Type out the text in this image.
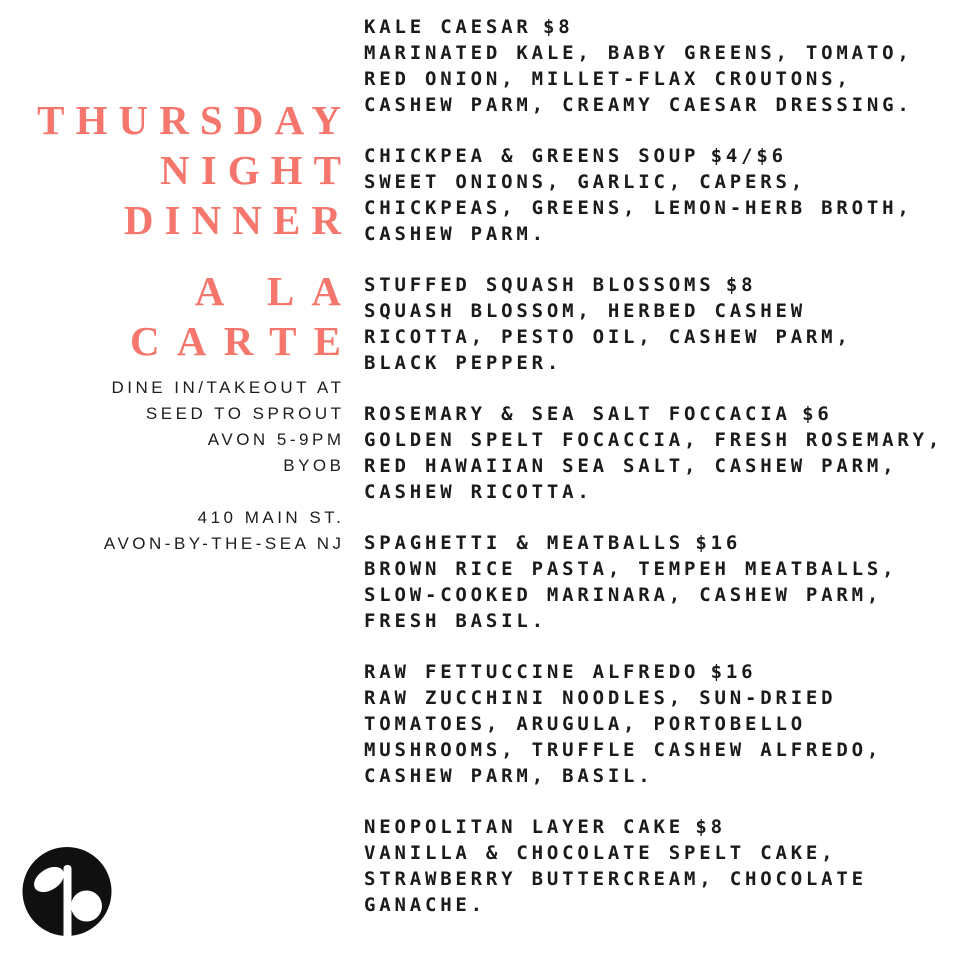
THURSDAY
NIGHT
DINNER
A LA
CARTE
DINE IN/TAKEOUT AT
SEED TO SPROUT
AVON 5-9PM
BYOB
410 MAIN ST.
AVON-BY-THE-SEA NJ
KALE CAESAR $8
MARINATED KALE, BABY GREENS, TOMATO,
RED ONION, MILLET-FLAX CROUTONS,
CASHEW PARM, CREAMY CAESAR DRESSING.
CHICKPEA & GREENS SOUP $4/$6
SWEET ONIONS, GARLIC, CAPERS,
CHICKPEAS, GREENS, LEMON-HERB BROTH,
CASHEW PARM.
STUFFED SQUASH BLOSSOMS $8
SQUASH BLOSSOM, HERBED CASHEW
RICOTTA, PESTO OIL, CASHEW PARM,
BLACK PEPPER.
ROSEMARY & SEA SALT FOCCACIA $6
GOLDEN SPELT FOCACCIA, FRESH ROSEMARY,
RED HAWAIIAN SEA SALT, CASHEW PARM,
CASHEW RICOTTA.
SPAGHETTI & MEATBALLS $16
BROWN RICE PASTA, TEMPEH MEATBALLS,
SLOW-COOKED MARINARA, CASHEW PARM,
FRESH BASIL.
RAW FETTUCCINE ALFREDO $16
RAW ZUCCHINI NOODLES, SUN-DRIED
TOMATOES, ARUGULA, PORTOBELLO
MUSHROOMS, TRUFFLE CASHEW ALFREDO,
CASHEW PARM, BASIL.
NEOPOLITAN LAYER CAKE $8
VANILLA & CHOCOLATE SPELT CAKE,
STRAWBERRY BUTTERCREAM, CHOCOLATE
GANACHE.
